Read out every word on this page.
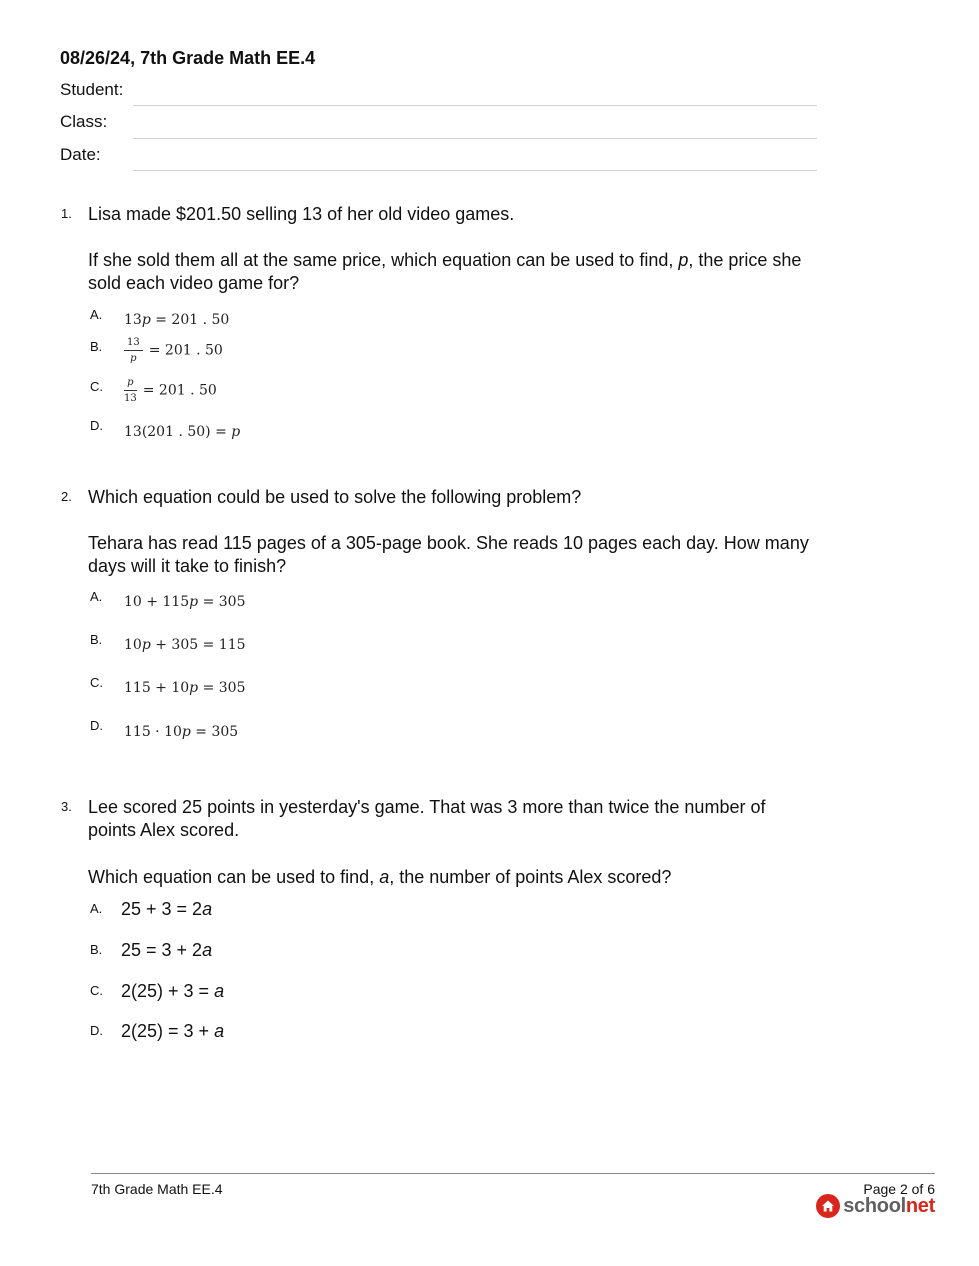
08/26/24, 7th Grade Math EE.4
Student:
Class:
Date:
1. Lisa made $201.50 selling 13 of her old video games.
If she sold them all at the same price, which equation can be used to find, p, the price she sold each video game for?
A. 13p = 201 . 50
B. $\frac{13}{p} = 201$ . 50
C. $\frac{p}{13} = 201$ . 50
D. 13(201 . 50) = p
2. Which equation could be used to solve the following problem?
Tehara has read 115 pages of a 305-page book. She reads 10 pages each day. How many days will it take to finish?
A. 10 + 115p = 305
B. 10p + 305 = 115
C. 115 + 10p = 305
D. 115 · 10p = 305
3. Lee scored 25 points in yesterday's game. That was 3 more than twice the number of points Alex scored.
Which equation can be used to find, a, the number of points Alex scored?
A. 25 + 3 = 2a
B. 25 = 3 + 2a
C. 2(25) + 3 = a
D. 2(25) = 3 + a
7th Grade Math EE.4	Page 2 of 6
schoolnet
